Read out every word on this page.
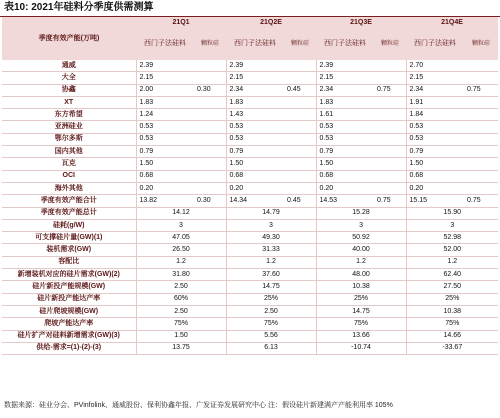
表10: 2021年硅料分季度供需测算
季度有效产能(万吨)	21Q1		21Q2E		21Q3E		21Q4E	
	西门子法硅料	颗粒硅	西门子法硅料	颗粒硅	西门子法硅料	颗粒硅	西门子法硅料	颗粒硅
通威	2.39		2.39		2.39		2.70	
大全	2.15		2.15		2.15		2.15	
协鑫	2.00	0.30	2.34	0.45	2.34	0.75	2.34	0.75
XT	1.83		1.83		1.83		1.91	
东方希望	1.24		1.43		1.61		1.84	
亚洲硅业	0.53		0.53		0.53		0.53	
鄂尔多斯	0.53		0.53		0.53		0.53	
国内其他	0.79		0.79		0.79		0.79	
瓦克	1.50		1.50		1.50		1.50	
OCI	0.68		0.68		0.68		0.68	
海外其他	0.20		0.20		0.20		0.20	
季度有效产能合计	13.82	0.30	14.34	0.45	14.53	0.75	15.15	0.75
季度有效产能总计	14.12		14.79		15.28		15.90	
硅耗(g/W)	3		3		3		3	
可支撑硅片量(GW)(1)	47.05		49.30		50.92		52.98	
装机需求(GW)	26.50		31.33		40.00		52.00	
容配比	1.2		1.2		1.2		1.2	
新增装机对应的硅片需求(GW)(2)	31.80		37.60		48.00		62.40	
硅片新投产能规模(GW)	2.50		14.75		10.38		27.50	
硅片新投产能达产率	60%		25%		25%		25%	
硅片爬坡规模(GW)	2.50		2.50		14.75		10.38	
爬坡产能达产率	75%		75%		75%		75%	
硅片扩产对硅料新增需求(GW)(3)	1.50		5.56		13.66		14.66	
供给-需求=(1)-(2)-(3)	13.75		6.13		-10.74		-33.67	
数据来源：硅业分会、PVinfolink、通威股份、保利协鑫年报、广发证券发展研究中心 注：假设硅片新建满产产能利用率 105%
